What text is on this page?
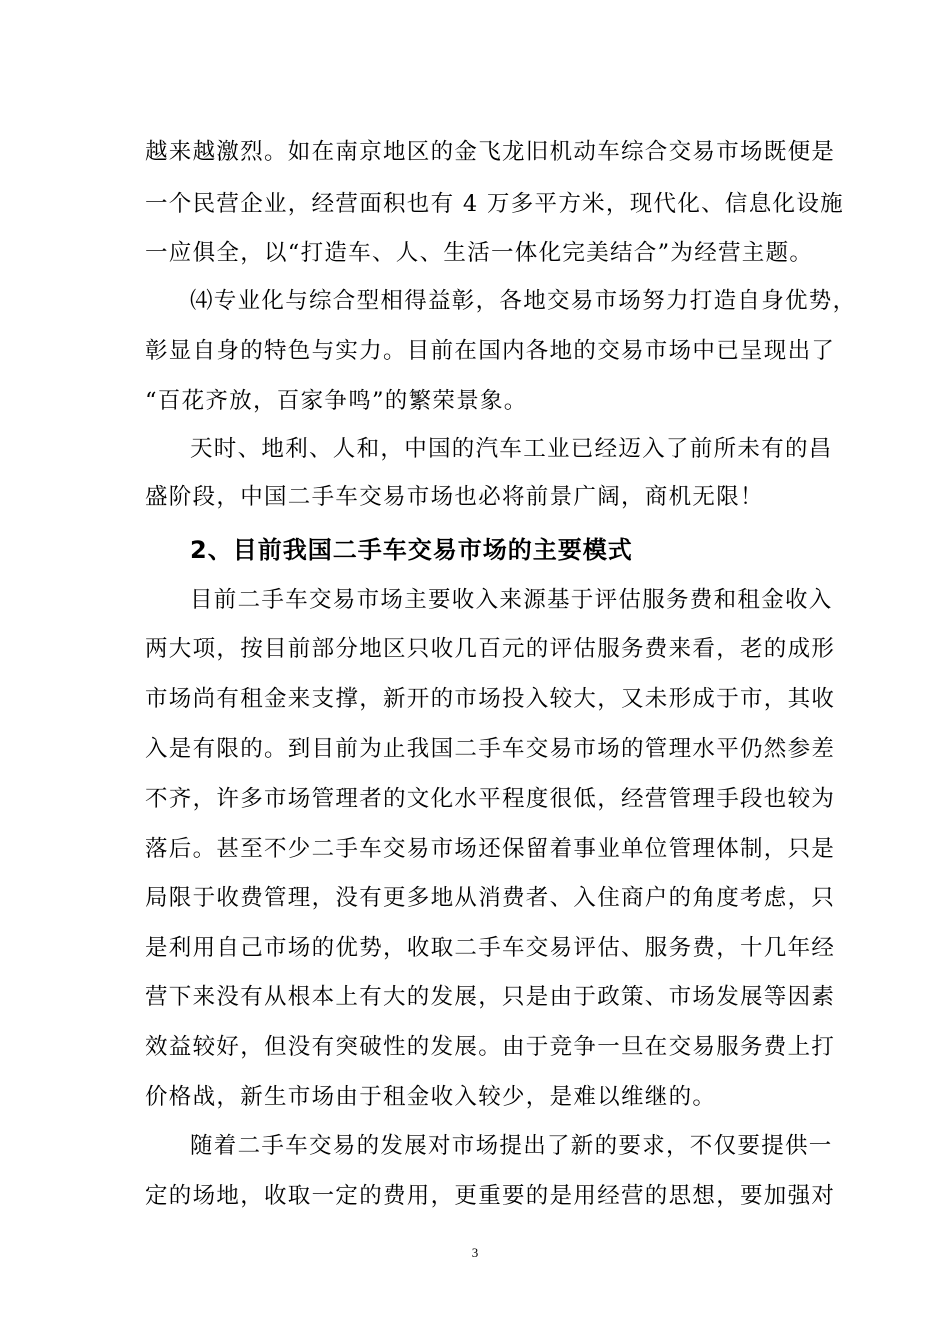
越来越激烈。如在南京地区的金飞龙旧机动车综合交易市场既便是
一个民营企业，经营面积也有 4 万多平方米，现代化、信息化设施
一应俱全，以“打造车、人、生活一体化完美结合”为经营主题。
⑷专业化与综合型相得益彰，各地交易市场努力打造自身优势，
彰显自身的特色与实力。目前在国内各地的交易市场中已呈现出了
“百花齐放，百家争鸣”的繁荣景象。
天时、地利、人和，中国的汽车工业已经迈入了前所未有的昌
盛阶段，中国二手车交易市场也必将前景广阔，商机无限！
2、目前我国二手车交易市场的主要模式
目前二手车交易市场主要收入来源基于评估服务费和租金收入
两大项，按目前部分地区只收几百元的评估服务费来看，老的成形
市场尚有租金来支撑，新开的市场投入较大，又未形成于市，其收
入是有限的。到目前为止我国二手车交易市场的管理水平仍然参差
不齐，许多市场管理者的文化水平程度很低，经营管理手段也较为
落后。甚至不少二手车交易市场还保留着事业单位管理体制，只是
局限于收费管理，没有更多地从消费者、入住商户的角度考虑，只
是利用自己市场的优势，收取二手车交易评估、服务费，十几年经
营下来没有从根本上有大的发展，只是由于政策、市场发展等因素
效益较好，但没有突破性的发展。由于竞争一旦在交易服务费上打
价格战，新生市场由于租金收入较少，是难以维继的。
随着二手车交易的发展对市场提出了新的要求，不仅要提供一
定的场地，收取一定的费用，更重要的是用经营的思想，要加强对
3
